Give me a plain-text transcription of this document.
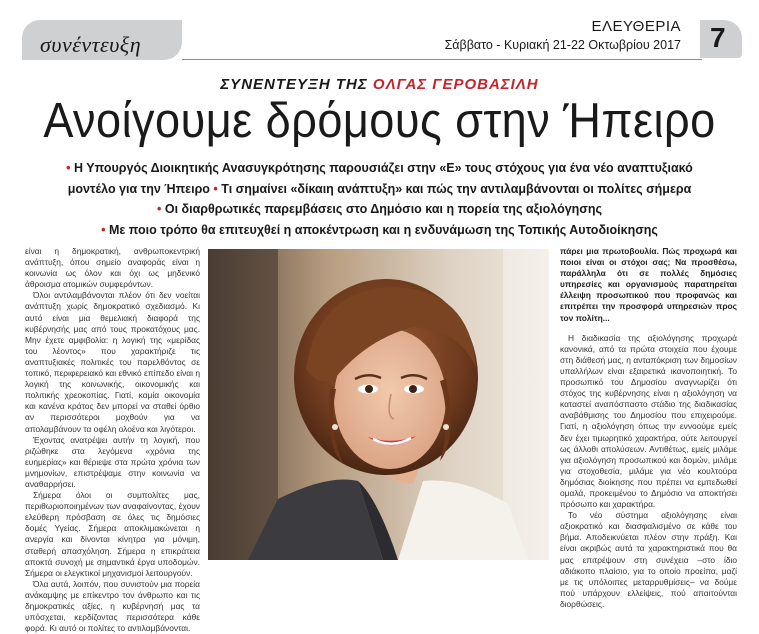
συνέντευξη
ΕΛΕΥΘΕΡΙΑ
Σάββατο - Κυριακή 21-22 Οκτωβρίου 2017 7
ΣΥΝΕΝΤΕΥΞΗ ΤΗΣ ΟΛΓΑΣ ΓΕΡΟΒΑΣΙΛΗ
Ανοίγουμε δρόμους στην Ήπειρο
• Η Υπουργός Διοικητικής Ανασυγκρότησης παρουσιάζει στην «Ε» τους στόχους για ένα νέο αναπτυξιακό
μοντέλο για την Ήπειρο • Τι σημαίνει «δίκαιη ανάπτυξη» και πώς την αντιλαμβάνονται οι πολίτες σήμερα
• Οι διαρθρωτικές παρεμβάσεις στο Δημόσιο και η πορεία της αξιολόγησης
• Με ποιο τρόπο θα επιτευχθεί η αποκέντρωση και η ενδυνάμωση της Τοπικής Αυτοδιοίκησης

είναι η δημοκρατική, ανθρωποκεντρική ανάπτυξη, όπου σημείο αναφοράς είναι η κοινωνία ως όλον και όχι ως μηδενικό άθροισμα ατομικών συμφερόντων.

Όλοι αντιλαμβάνονται πλέον ότι δεν νοείται ανάπτυξη χωρίς δημοκρατικό σχεδιασμό. Κι αυτό είναι μια θεμελιακή διαφορά της κυβέρνησής μας από τους προκατόχους μας. Μην έχετε αμφιβολία: η λογική της «μερίδας του λέοντος» που χαρακτήριζε τις αναπτυξιακές πολιτικές του παρελθόντος σε τοπικό, περιφερειακό και εθνικό επίπεδο είναι η λογική της κοινωνικής, οικονομικής και πολιτικής χρεοκοπίας. Γιατί, καμία οικονομία και κανένα κράτος δεν μπορεί να σταθεί όρθιο αν περισσότεροι μοχθούν για να απολαμβάνουν τα οφέλη ολοένα και λιγότεροι.

Έχοντας ανατρέψει αυτήν τη λογική, που ριζώθηκε στα λεγόμενα «χρόνια της ευημερίας» και θέριεψε στα πρώτα χρόνια των μνημονίων, επιστρέψαμε στην κοινωνία να αναθαρρήσει.

Σήμερα όλοι οι συμπολίτες μας, περιθωριοποιημένων των αναφαίνοντας, έχουν ελεύθερη πρόσβαση σε όλες τις δημόσιες δομές Υγείας. Σήμερα αποκλιμακώνεται η ανεργία και δίνονται κίνητρα για μόνιμη, σταθερή απασχόληση. Σήμερα η επικράτεια αποκτά συνοχή με σημαντικά έργα υποδομών. Σήμερα οι ελεγκτικοί μηχανισμοί λειτουργούν.

Όλα αυτά, λοιπόν, που συνιστούν μια πορεία ανάκαμψης με επίκεντρο τον άνθρωπο και τις δημοκρατικές αξίες, η κυβέρνησή μας τα υπόσχεται, κερδίζοντας περισσότερα κάθε φορά. Κι αυτό οι πολίτες το αντιλαμβάνονται.

πάρει μια πρωτοβουλία. Πώς προχωρά και ποιοι είναι οι στόχοι σας; Να προσθέσω, παράλληλα ότι σε πολλές δημόσιες υπηρεσίες και οργανισμούς παρατηρείται έλλειψη προσωπικού που προφανώς και επιτρέπει την προσφορά υπηρεσιών προς τον πολίτη...

Η διαδικασία της αξιολόγησης προχωρά κανονικά, από τα πρώτα στοιχεία που έχουμε στη διάθεσή μας, η ανταπόκριση των δημοσίων υπαλλήλων είναι εξαιρετικά ικανοποιητική. Το προσωπικό του Δημοσίου αναγνωρίζει ότι στόχος της κυβέρνησης είναι η αξιολόγηση να καταστεί αναπόσπαστο στάδιο της διαδικασίας αναβάθμισης του Δημοσίου που επιχειρούμε. Γιατί, η αξιολόγηση όπως την εννοούμε εμείς δεν έχει τιμωρητικό χαρακτήρα, ούτε λειτουργεί ως άλλοθι απολύσεων. Αντιθέτως, εμείς μιλάμε για αξιολόγηση προσωπικού και δομών, μιλάμε για στοχοθεσία, μιλάμε για νέο κουλτούρα δημόσιας διοίκησης που πρέπει να εμπεδωθεί ομαλά, προκειμένου το Δημόσιο να αποκτήσει πρόσωπο και χαρακτήρα.

Το νέο σύστημα αξιολόγησης είναι αξιοκρατικό και διασφαλισμένο σε κάθε του βήμα. Αποδεικνύεται πλέον στην πράξη. Και είναι ακριβώς αυτά τα χαρακτηριστικά που θα μας επιτρέψουν στη συνέχεια –στο ίδιο αδιάκοπο πλαίσιο, για το οποίο προείπα, μαζί με τις υπόλοιπες μεταρρυθμίσεις– να δούμε πού υπάρχουν ελλείψεις, πού απαιτούνται διορθώσεις.
